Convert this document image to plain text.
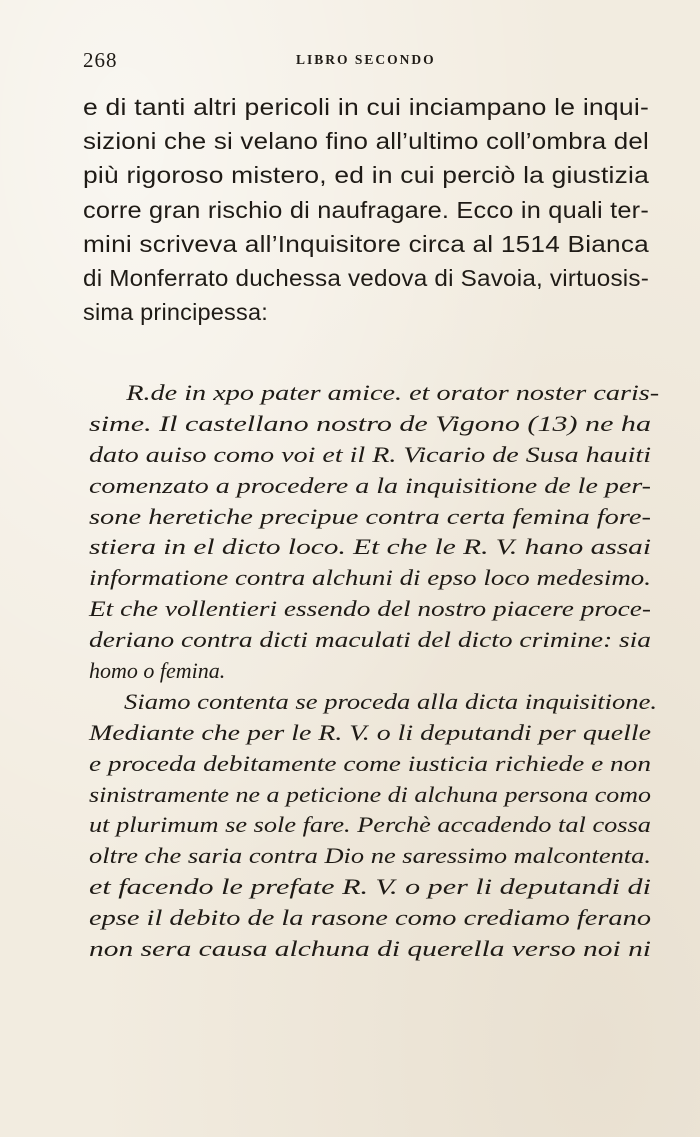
268	LIBRO SECONDO
e di tanti altri pericoli in cui inciampano le inqui-
sizioni che si velano fino all’ultimo coll’ombra del
più rigoroso mistero, ed in cui perciò la giustizia
corre gran rischio di naufragare. Ecco in quali ter-
mini scriveva all’Inquisitore circa al 1514 Bianca
di Monferrato duchessa vedova di Savoia, virtuosis-
sima principessa:
R.de in xpo pater amice. et orator noster caris-
sime. Il castellano nostro de Vigono (13) ne ha
dato auiso como voi et il R. Vicario de Susa hauiti
comenzato a procedere a la inquisitione de le per-
sone heretiche precipue contra certa femina fore-
stiera in el dicto loco. Et che le R. V. hano assai
informatione contra alchuni di epso loco medesimo.
Et che vollentieri essendo del nostro piacere proce-
deriano contra dicti maculati del dicto crimine: sia
homo o femina.
Siamo contenta se proceda alla dicta inquisitione.
Mediante che per le R. V. o li deputandi per quelle
e proceda debitamente come iusticia richiede e non
sinistramente ne a peticione di alchuna persona como
ut plurimum se sole fare. Perchè accadendo tal cossa
oltre che saria contra Dio ne saressimo malcontenta.
et facendo le prefate R. V. o per li deputandi di
epse il debito de la rasone como crediamo ferano
non sera causa alchuna di querella verso noi ni
